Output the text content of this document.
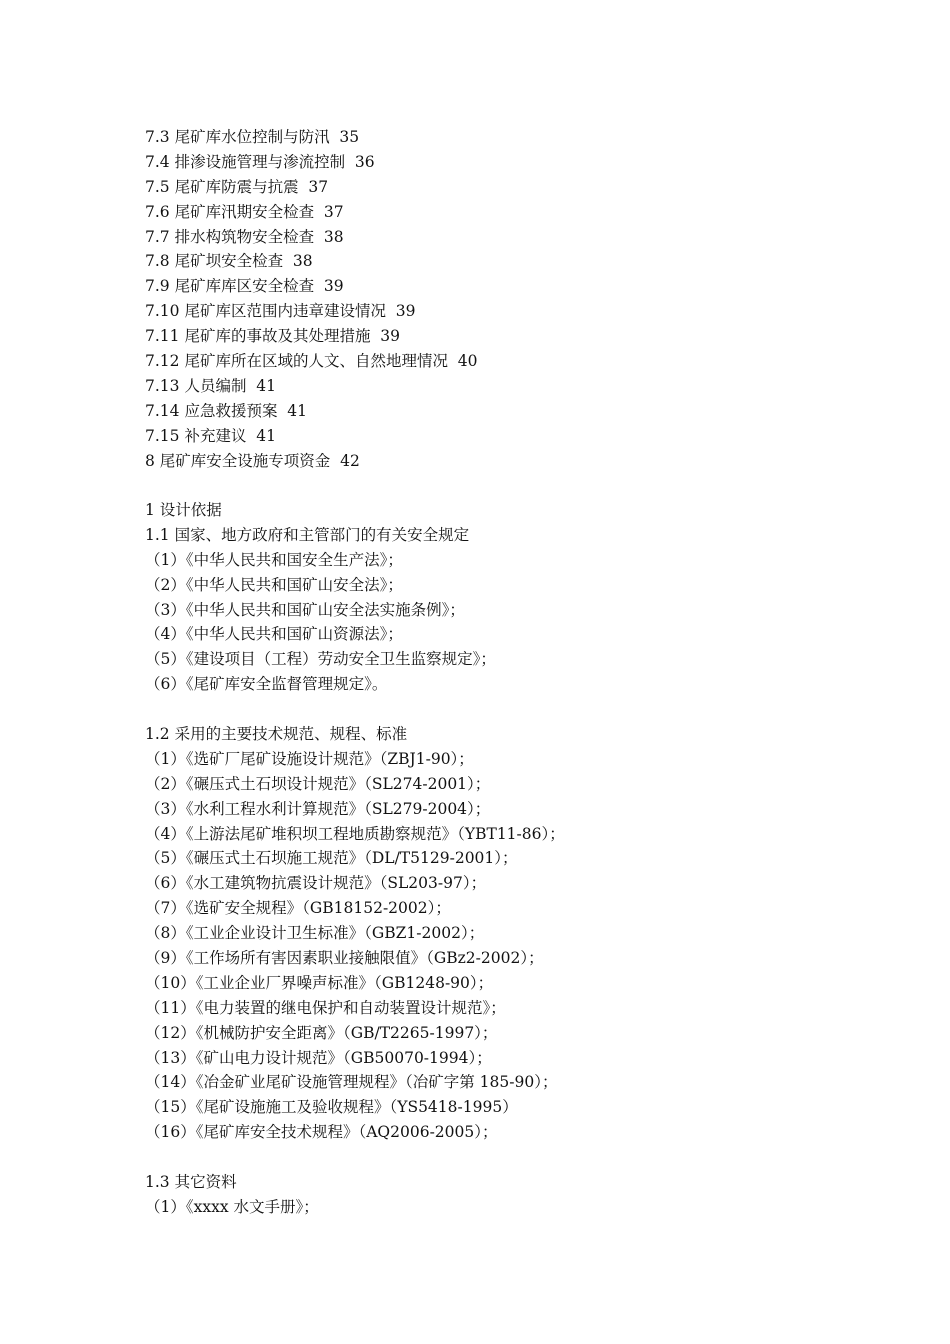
7.3 尾矿库水位控制与防汛  35
7.4 排渗设施管理与渗流控制  36
7.5 尾矿库防震与抗震  37
7.6 尾矿库汛期安全检查  37
7.7 排水构筑物安全检查  38
7.8 尾矿坝安全检查  38
7.9 尾矿库库区安全检查  39
7.10 尾矿库区范围内违章建设情况  39
7.11 尾矿库的事故及其处理措施  39
7.12 尾矿库所在区域的人文、自然地理情况  40
7.13 人员编制  41
7.14 应急救援预案  41
7.15 补充建议  41
8 尾矿库安全设施专项资金  42
1 设计依据
1.1 国家、地方政府和主管部门的有关安全规定
（1）《中华人民共和国安全生产法》；
（2）《中华人民共和国矿山安全法》；
（3）《中华人民共和国矿山安全法实施条例》；
（4）《中华人民共和国矿山资源法》；
（5）《建设项目（工程）劳动安全卫生监察规定》；
（6）《尾矿库安全监督管理规定》。
1.2 采用的主要技术规范、规程、标准
（1）《选矿厂尾矿设施设计规范》（ZBJ1-90）；
（2）《碾压式土石坝设计规范》（SL274-2001）；
（3）《水利工程水利计算规范》（SL279-2004）；
（4）《上游法尾矿堆积坝工程地质勘察规范》（YBT11-86）；
（5）《碾压式土石坝施工规范》（DL/T5129-2001）；
（6）《水工建筑物抗震设计规范》（SL203-97）；
（7）《选矿安全规程》（GB18152-2002）；
（8）《工业企业设计卫生标准》（GBZ1-2002）；
（9）《工作场所有害因素职业接触限值》（GBz2-2002）；
（10）《工业企业厂界噪声标准》（GB1248-90）；
（11）《电力装置的继电保护和自动装置设计规范》；
（12）《机械防护安全距离》（GB/T2265-1997）；
（13）《矿山电力设计规范》（GB50070-1994）；
（14）《冶金矿业尾矿设施管理规程》（冶矿字第 185-90）；
（15）《尾矿设施施工及验收规程》（YS5418-1995）
（16）《尾矿库安全技术规程》（AQ2006-2005）；
1.3 其它资料
（1）《xxxx 水文手册》；
